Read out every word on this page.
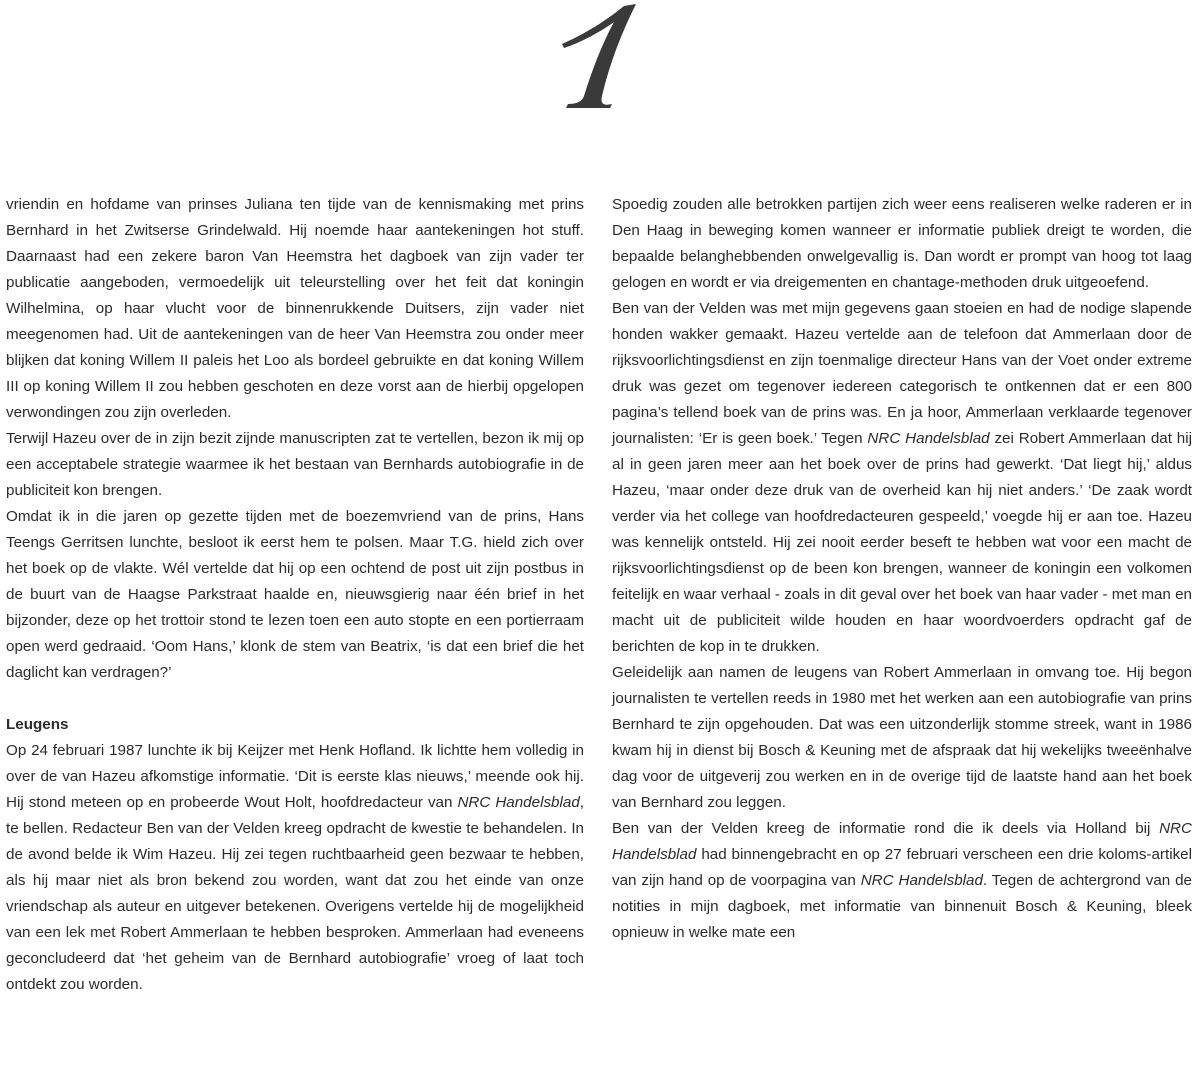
vriendin en hofdame van prinses Juliana ten tijde van de kennismaking met prins Bernhard in het Zwitserse Grindelwald. Hij noemde haar aantekeningen hot stuff. Daarnaast had een zekere baron Van Heemstra het dagboek van zijn vader ter publicatie aangeboden, vermoedelijk uit teleurstelling over het feit dat koningin Wilhelmina, op haar vlucht voor de binnenrukkende Duitsers, zijn vader niet meegenomen had. Uit de aantekeningen van de heer Van Heemstra zou onder meer blijken dat koning Willem II paleis het Loo als bordeel gebruikte en dat koning Willem III op koning Willem II zou hebben geschoten en deze vorst aan de hierbij opgelopen verwondingen zou zijn overleden.

Terwijl Hazeu over de in zijn bezit zijnde manuscripten zat te vertellen, bezon ik mij op een acceptabele strategie waarmee ik het bestaan van Bernhards autobiografie in de publiciteit kon brengen.

Omdat ik in die jaren op gezette tijden met de boezemvriend van de prins, Hans Teengs Gerritsen lunchte, besloot ik eerst hem te polsen. Maar T.G. hield zich over het boek op de vlakte. Wél vertelde dat hij op een ochtend de post uit zijn postbus in de buurt van de Haagse Parkstraat haalde en, nieuwsgierig naar één brief in het bijzonder, deze op het trottoir stond te lezen toen een auto stopte en een portierraam open werd gedraaid. ‘Oom Hans,’ klonk de stem van Beatrix, ‘is dat een brief die het daglicht kan verdragen?’

Leugens

Op 24 februari 1987 lunchte ik bij Keijzer met Henk Hofland. Ik lichtte hem volledig in over de van Hazeu afkomstige informatie. ‘Dit is eerste klas nieuws,’ meende ook hij. Hij stond meteen op en probeerde Wout Holt, hoofdredacteur van NRC Handelsblad, te bellen. Redacteur Ben van der Velden kreeg opdracht de kwestie te behandelen. In de avond belde ik Wim Hazeu. Hij zei tegen ruchtbaarheid geen bezwaar te hebben, als hij maar niet als bron bekend zou worden, want dat zou het einde van onze vriendschap als auteur en uitgever betekenen. Overigens vertelde hij de mogelijkheid van een lek met Robert Ammerlaan te hebben besproken. Ammerlaan had eveneens geconcludeerd dat ‘het geheim van de Bernhard autobiografie’ vroeg of laat toch ontdekt zou worden.

Spoedig zouden alle betrokken partijen zich weer eens realiseren welke raderen er in Den Haag in beweging komen wanneer er informatie publiek dreigt te worden, die bepaalde belanghebbenden onwelgevallig is. Dan wordt er prompt van hoog tot laag gelogen en wordt er via dreigementen en chantage-methoden druk uitgeoefend.

Ben van der Velden was met mijn gegevens gaan stoeien en had de nodige slapende honden wakker gemaakt. Hazeu vertelde aan de telefoon dat Ammerlaan door de rijksvoorlichtingsdienst en zijn toenmalige directeur Hans van der Voet onder extreme druk was gezet om tegenover iedereen categorisch te ontkennen dat er een 800 pagina’s tellend boek van de prins was. En ja hoor, Ammerlaan verklaarde tegenover journalisten: ‘Er is geen boek.’ Tegen NRC Handelsblad zei Robert Ammerlaan dat hij al in geen jaren meer aan het boek over de prins had gewerkt. ‘Dat liegt hij,’ aldus Hazeu, ‘maar onder deze druk van de overheid kan hij niet anders.’ ‘De zaak wordt verder via het college van hoofdredacteuren gespeeld,’ voegde hij er aan toe. Hazeu was kennelijk ontsteld. Hij zei nooit eerder beseft te hebben wat voor een macht de rijksvoorlichtingsdienst op de been kon brengen, wanneer de koningin een volkomen feitelijk en waar verhaal - zoals in dit geval over het boek van haar vader - met man en macht uit de publiciteit wilde houden en haar woordvoerders opdracht gaf de berichten de kop in te drukken.

Geleidelijk aan namen de leugens van Robert Ammerlaan in omvang toe. Hij begon journalisten te vertellen reeds in 1980 met het werken aan een autobiografie van prins Bernhard te zijn opgehouden. Dat was een uitzonderlijk stomme streek, want in 1986 kwam hij in dienst bij Bosch & Keuning met de afspraak dat hij wekelijks tweeënhalve dag voor de uitgeverij zou werken en in de overige tijd de laatste hand aan het boek van Bernhard zou leggen.

Ben van der Velden kreeg de informatie rond die ik deels via Holland bij NRC Handelsblad had binnengebracht en op 27 februari verscheen een drie koloms-artikel van zijn hand op de voorpagina van NRC Handelsblad. Tegen de achtergrond van de notities in mijn dagboek, met informatie van binnenuit Bosch & Keuning, bleek opnieuw in welke mate een
